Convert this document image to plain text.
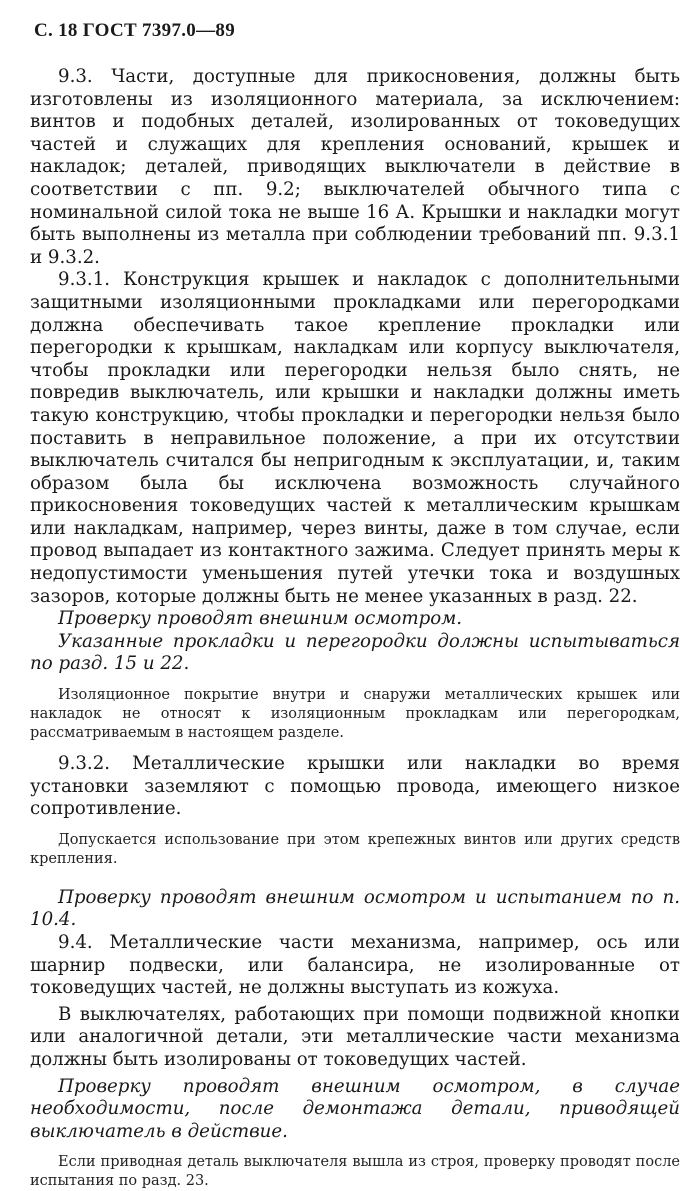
С. 18 ГОСТ 7397.0—89

9.3. Части, доступные для прикосновения, должны быть изготовлены из изоляционного материала, за исключением: винтов и подобных деталей, изолированных от токоведущих частей и служащих для крепления оснований, крышек и накладок; деталей, приводящих выключатели в действие в соответствии с пп. 9.2; выключателей обычного типа с номинальной силой тока не выше 16 А. Крышки и накладки могут быть выполнены из металла при соблюдении требований пп. 9.3.1 и 9.3.2.

9.3.1. Конструкция крышек и накладок с дополнительными защитными изоляционными прокладками или перегородками должна обеспечивать такое крепление прокладки или перегородки к крышкам, накладкам или корпусу выключателя, чтобы прокладки или перегородки нельзя было снять, не повредив выключатель, или крышки и накладки должны иметь такую конструкцию, чтобы прокладки и перегородки нельзя было поставить в неправильное положение, а при их отсутствии выключатель считался бы непригодным к эксплуатации, и, таким образом была бы исключена возможность случайного прикосновения токоведущих частей к металлическим крышкам или накладкам, например, через винты, даже в том случае, если провод выпадает из контактного зажима. Следует принять меры к недопустимости уменьшения путей утечки тока и воздушных зазоров, которые должны быть не менее указанных в разд. 22.

Проверку проводят внешним осмотром.

Указанные прокладки и перегородки должны испытываться по разд. 15 и 22.

Изоляционное покрытие внутри и снаружи металлических крышек или накладок не относят к изоляционным прокладкам или перегородкам, рассматриваемым в настоящем разделе.

9.3.2. Металлические крышки или накладки во время установки заземляют с помощью провода, имеющего низкое сопротивление.

Допускается использование при этом крепежных винтов или других средств крепления.

Проверку проводят внешним осмотром и испытанием по п. 10.4.

9.4. Металлические части механизма, например, ось или шарнир подвески, или балансира, не изолированные от токоведущих частей, не должны выступать из кожуха.

В выключателях, работающих при помощи подвижной кнопки или аналогичной детали, эти металлические части механизма должны быть изолированы от токоведущих частей.

Проверку проводят внешним осмотром, в случае необходимости, после демонтажа детали, приводящей выключатель в действие.

Если приводная деталь выключателя вышла из строя, проверку проводят после испытания по разд. 23.
